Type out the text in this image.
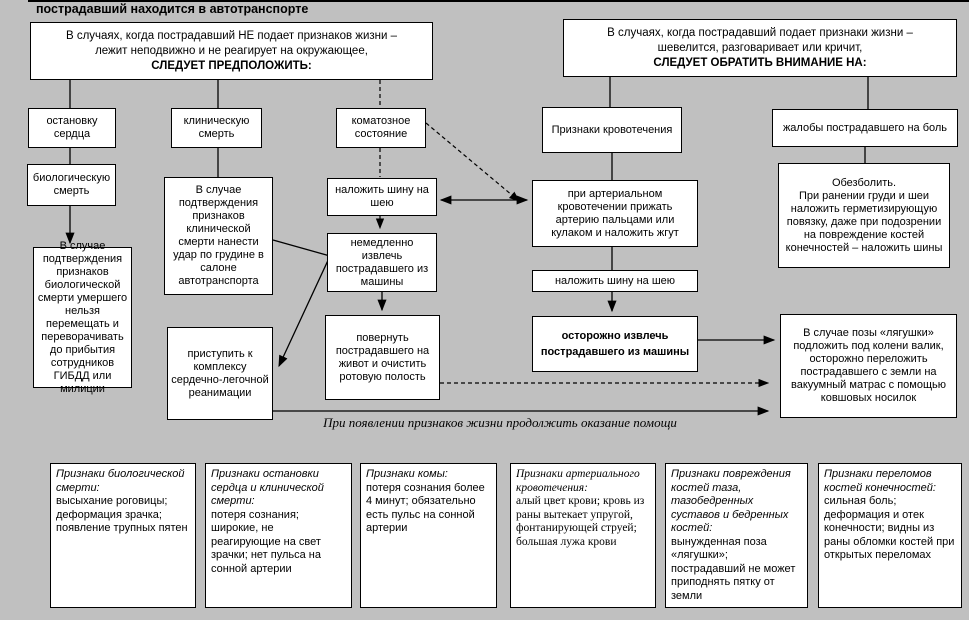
пострадавший находится в автотранспорте
В случаях, когда пострадавший НЕ подает признаков жизни –
лежит неподвижно и не реагирует на окружающее,
СЛЕДУЕТ ПРЕДПОЛОЖИТЬ:
В случаях, когда пострадавший подает признаки жизни –
шевелится, разговаривает или кричит,
СЛЕДУЕТ ОБРАТИТЬ ВНИМАНИЕ НА:
остановку сердца
клиническую смерть
коматозное состояние	Признаки кровотечения	жалобы пострадавшего на боль
биологическую смерть
В случае подтверждения признаков биологической смерти умершего нельзя перемещать и переворачивать до прибытия сотрудников ГИБДД или милиции
В случае подтверждения признаков клинической смерти нанести удар по грудине в салоне автотранспорта
приступить к комплексу сердечно-легочной реанимации
наложить шину на шею
немедленно извлечь пострадавшего из машины
повернуть пострадавшего на живот и очистить ротовую полость
при артериальном кровотечении прижать артерию пальцами или кулаком и наложить жгут
наложить шину на шею
осторожно извлечь пострадавшего из машины
Обезболить.
При ранении груди и шеи наложить герметизирующую повязку, даже при подозрении на повреждение костей конечностей – наложить шины
В случае позы «лягушки» подложить под колени валик, осторожно переложить пострадавшего с земли на вакуумный матрас с помощью ковшовых носилок
При появлении признаков жизни продолжить оказание помощи
Признаки биологической смерти:
высыхание роговицы; деформация зрачка; появление трупных пятен
Признаки остановки сердца и клинической смерти:
потеря сознания; широкие, не реагирующие на свет зрачки; нет пульса на сонной артерии
Признаки комы:
потеря сознания более 4 минут; обязательно есть пульс на сонной артерии
Признаки артериального кровотечения:
алый цвет крови; кровь из раны вытекает упругой, фонтанирующей струей; большая лужа крови
Признаки повреждения костей таза, тазобедренных суставов и бедренных костей:
вынужденная поза «лягушки»; пострадавший не может приподнять пятку от земли
Признаки переломов костей конечностей:
сильная боль; деформация и отек конечности; видны из раны обломки костей при открытых переломах
